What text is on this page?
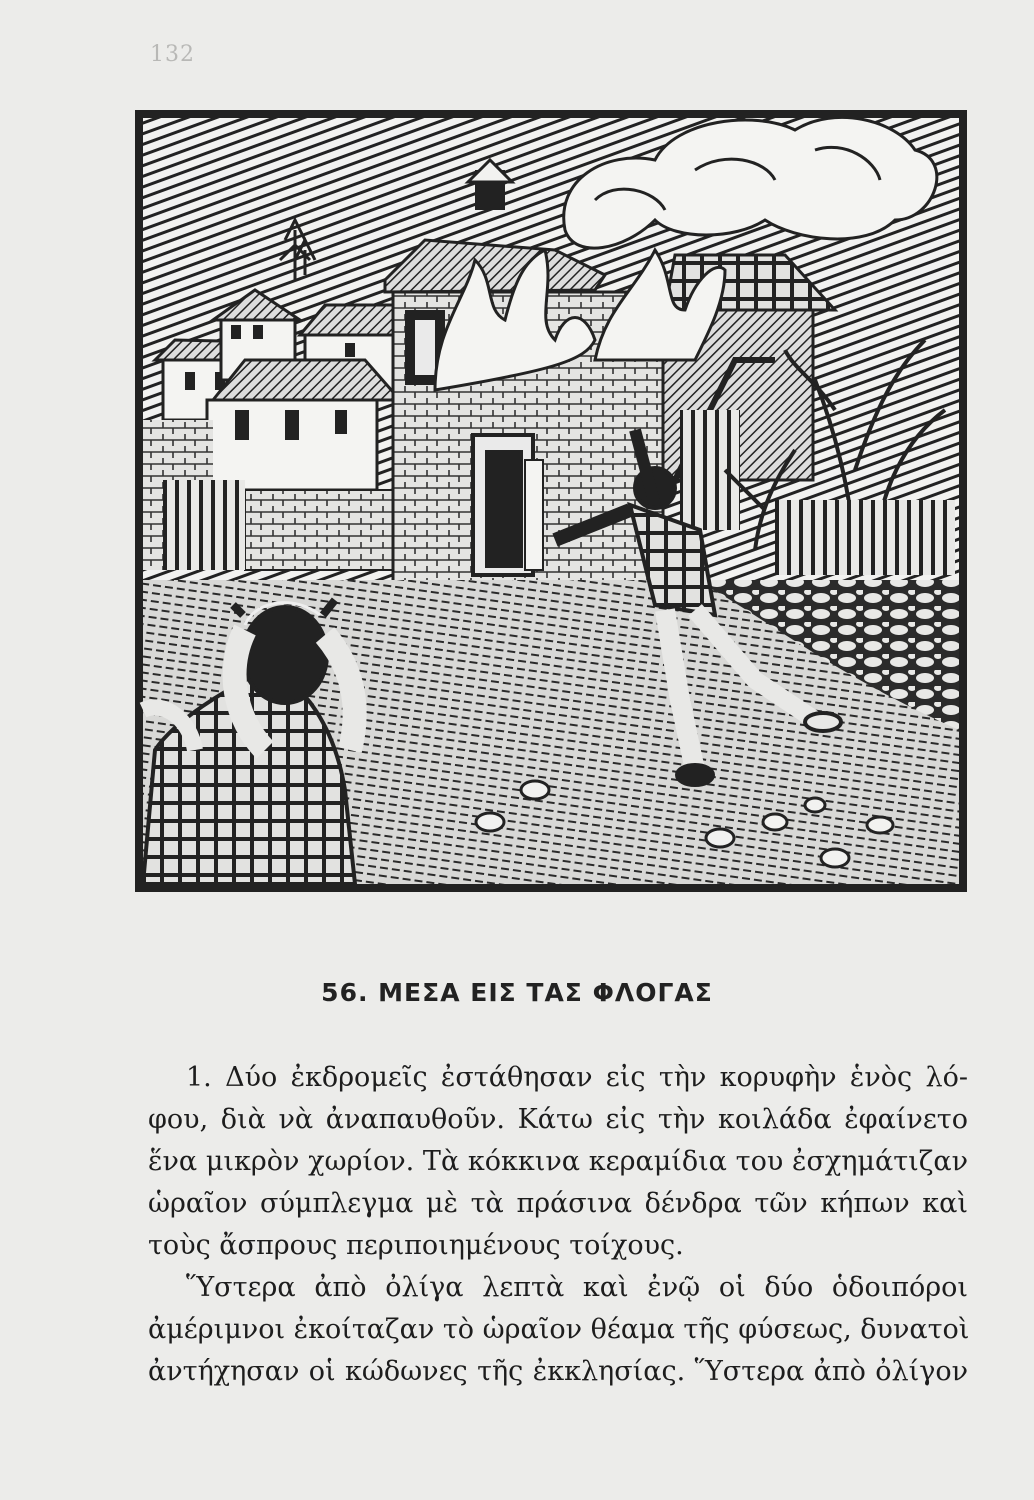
132
56. ΜΕΣΑ ΕΙΣ ΤΑΣ ΦΛΟΓΑΣ
1. Δύο ἐκδρομεῖς ἐστάθησαν εἰς τὴν κορυφὴν ἑνὸς λό-
φου, διὰ νὰ ἀναπαυθοῦν. Κάτω εἰς τὴν κοιλάδα ἐφαίνετο
ἕνα μικρὸν χωρίον. Τὰ κόκκινα κεραμίδια του ἐσχημάτιζαν
ὡραῖον σύμπλεγμα μὲ τὰ πράσινα δένδρα τῶν κήπων καὶ
τοὺς ἄσπρους περιποιημένους τοίχους.
Ὕστερα ἀπὸ ὀλίγα λεπτὰ καὶ ἐνῷ οἱ δύο ὁδοιπόροι
ἀμέριμνοι ἐκοίταζαν τὸ ὡραῖον θέαμα τῆς φύσεως, δυνατοὶ
ἀντήχησαν οἱ κώδωνες τῆς ἐκκλησίας. Ὕστερα ἀπὸ ὀλίγον
